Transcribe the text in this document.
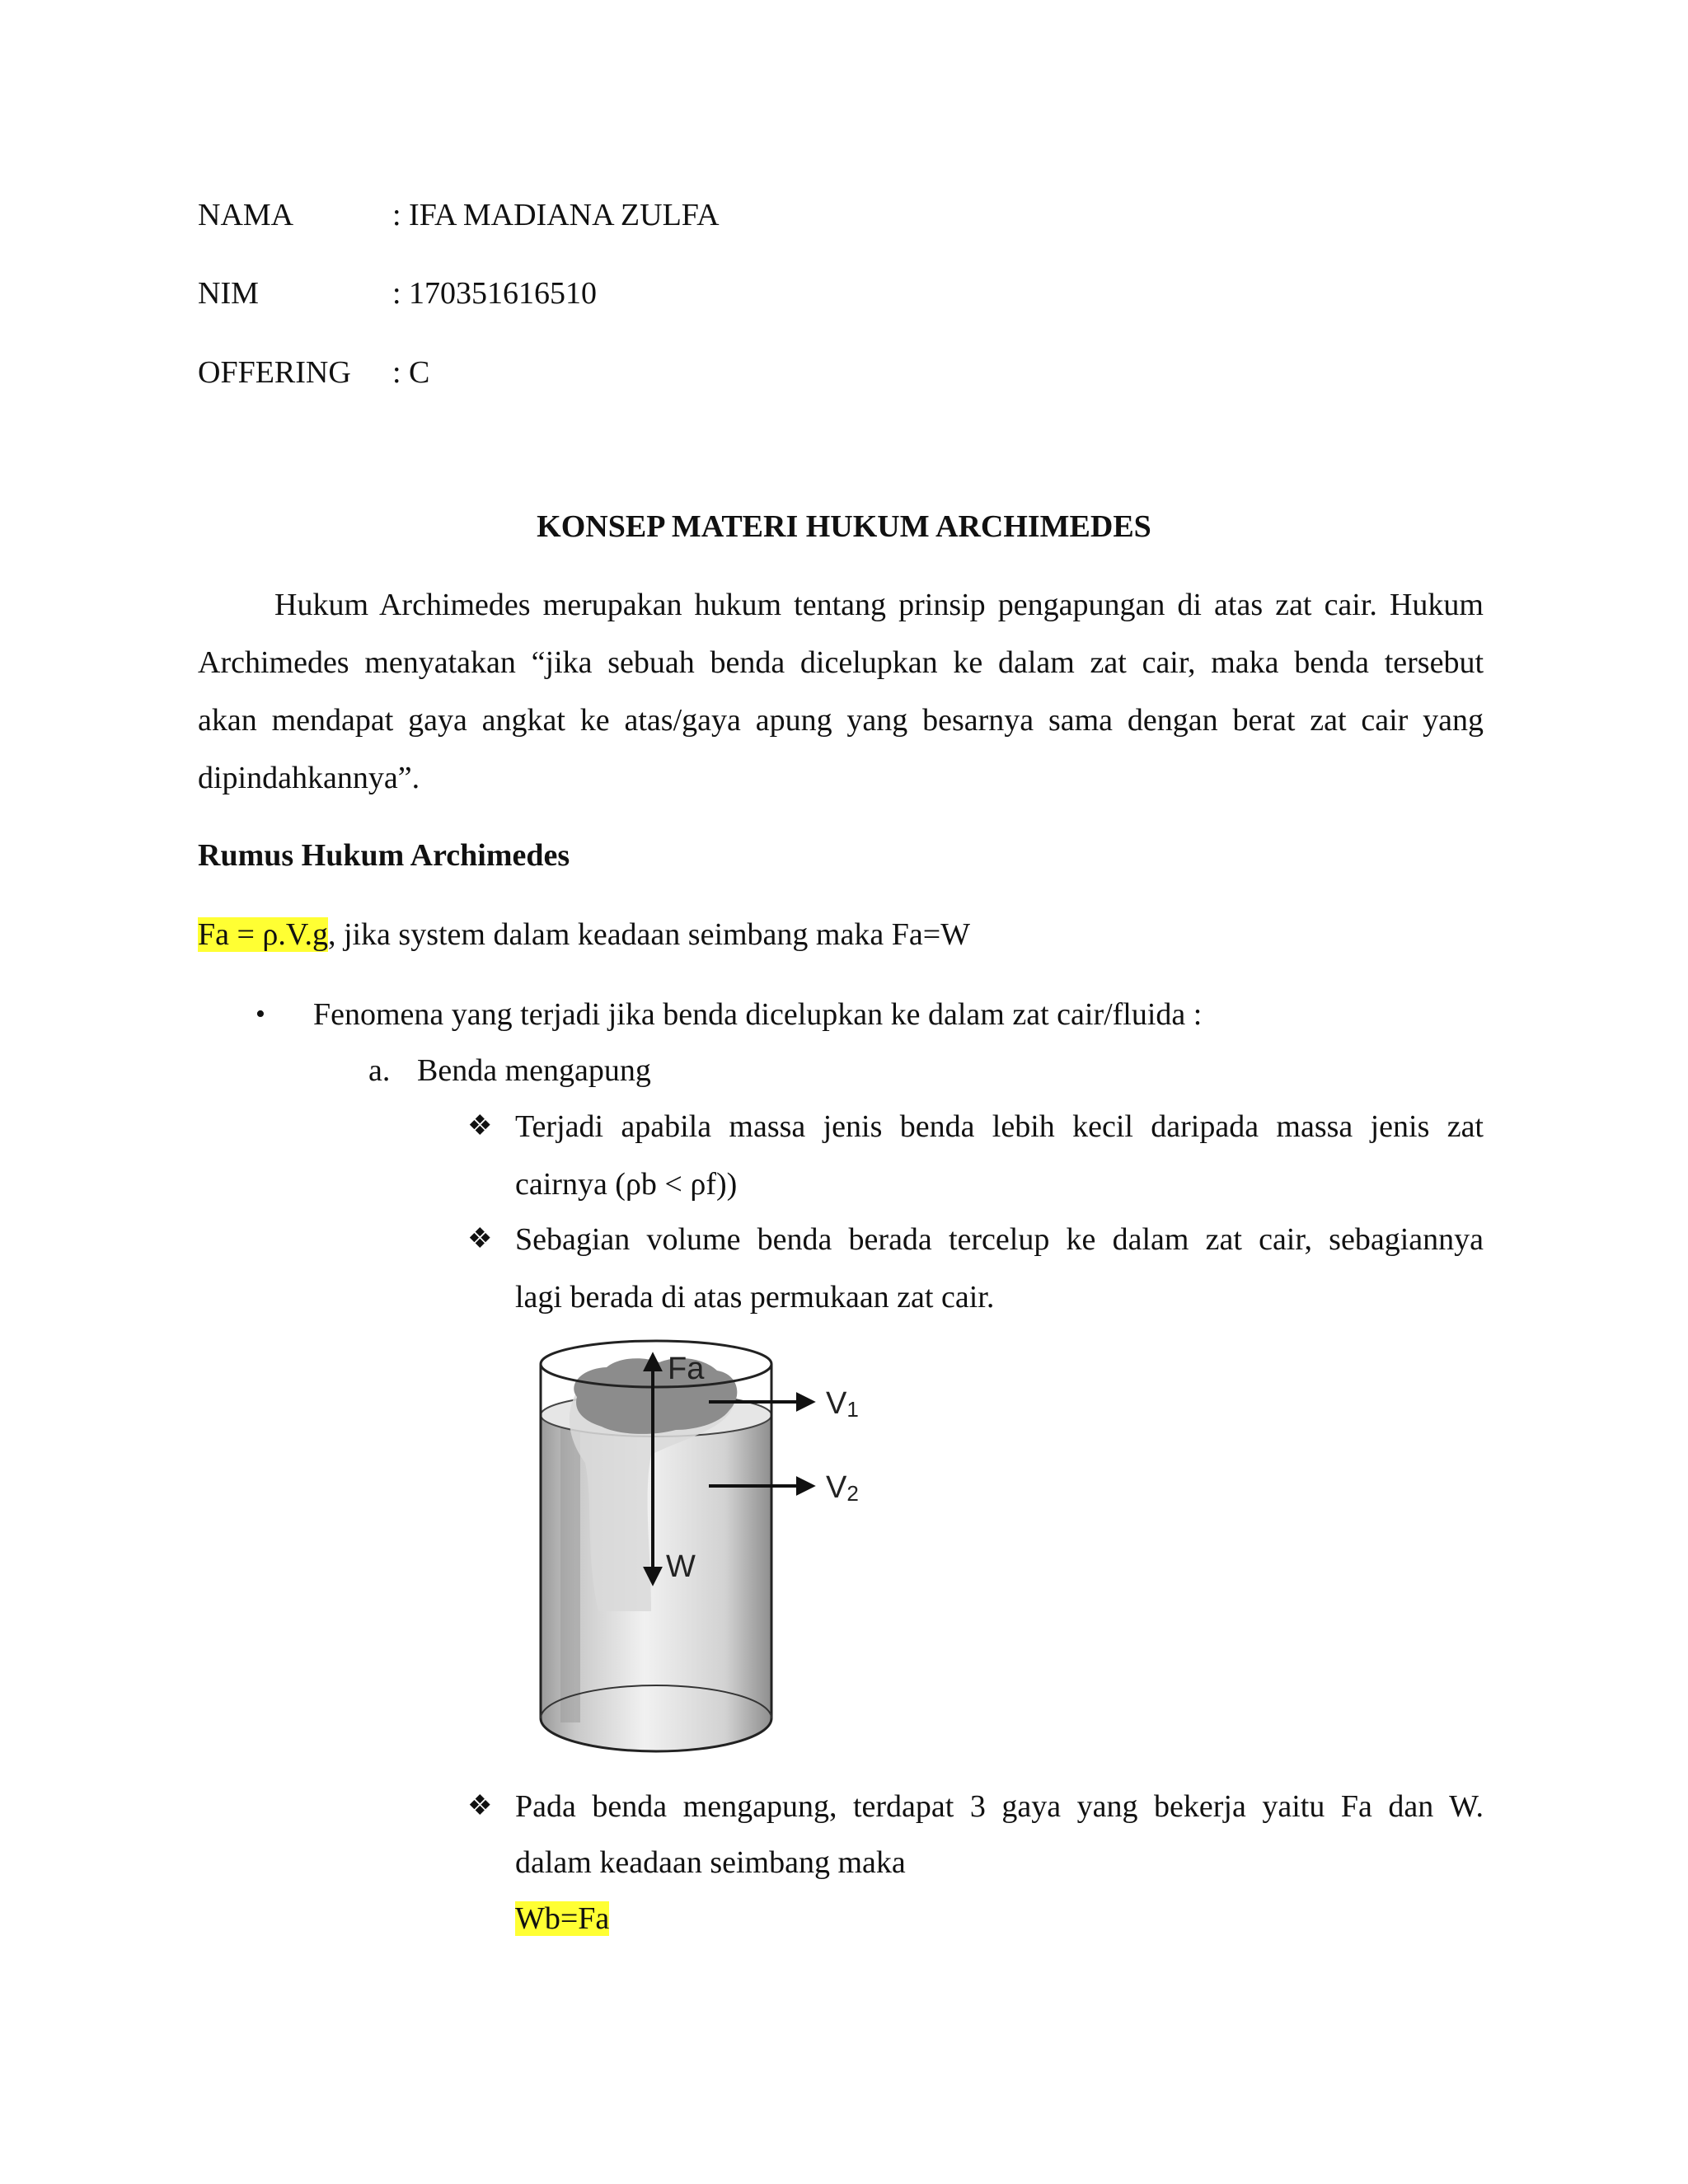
NAMA	: IFA MADIANA ZULFA
NIM	: 170351616510
OFFERING : C
KONSEP MATERI HUKUM ARCHIMEDES
Hukum Archimedes merupakan hukum tentang prinsip pengapungan di atas zat cair. Hukum
Archimedes menyatakan “jika sebuah benda dicelupkan ke dalam zat cair, maka benda tersebut
akan mendapat gaya angkat ke atas/gaya apung yang besarnya sama dengan berat zat cair yang
dipindahkannya”.
Rumus Hukum Archimedes
Fa = ρ.V.g, jika system dalam keadaan seimbang maka Fa=W
• Fenomena yang terjadi jika benda dicelupkan ke dalam zat cair/fluida :
a. Benda mengapung
❖ Terjadi apabila massa jenis benda lebih kecil daripada massa jenis zat
cairnya (ρb < ρf))
❖ Sebagian volume benda berada tercelup ke dalam zat cair, sebagiannya
lagi berada di atas permukaan zat cair.
Fa
W
V1
V2
❖ Pada benda mengapung, terdapat 3 gaya yang bekerja yaitu Fa dan W.
dalam keadaan seimbang maka
Wb=Fa
